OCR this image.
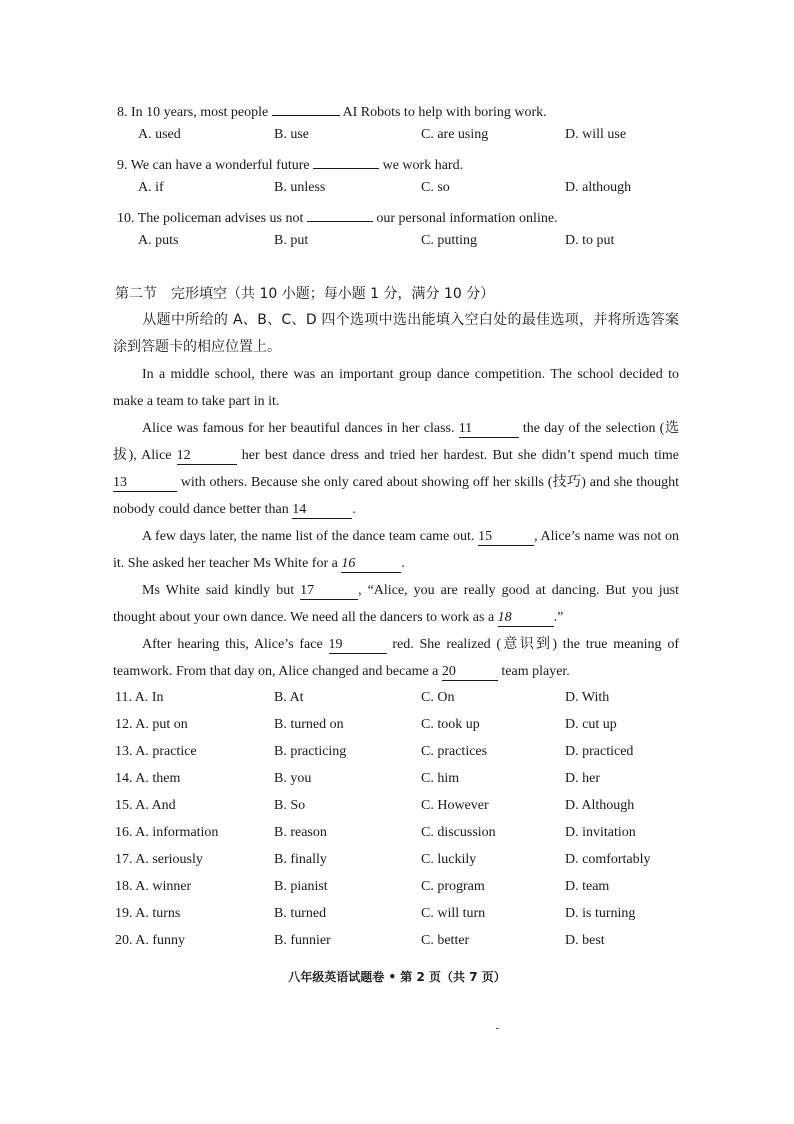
8. In 10 years, most people	AI Robots to help with boring work.
A. used	B. use	C. are using	D. will use
9. We can have a wonderful future	we work hard.
A. if	B. unless	C. so	D. although
10. The policeman advises us not	our personal information online.
A. puts	B. put	C. putting	D. to put
第二节　完形填空（共 10 小题；每小题 1 分，满分 10 分）
从题中所给的 A、B、C、D 四个选项中选出能填入空白处的最佳选项，并将所选答案涂到答题卡的相应位置上。
In a middle school, there was an important group dance competition. The school decided to make a team to take part in it.
Alice was famous for her beautiful dances in her class. 11	the day of the selection (选拔), Alice 12	her best dance dress and tried her hardest. But she didn’t spend much time 13	with others. Because she only cared about showing off her skills (技巧) and she thought nobody could dance better than 14	.
A few days later, the name list of the dance team came out. 15	, Alice’s name was not on it. She asked her teacher Ms White for a 16	.
Ms White said kindly but 17	, “Alice, you are really good at dancing. But you just thought about your own dance. We need all the dancers to work as a 18	.”
After hearing this, Alice’s face 19	red. She realized (意识到) the true meaning of teamwork. From that day on, Alice changed and became a 20	team player.
11. A. In	B. At	C. On	D. With
12. A. put on	B. turned on	C. took up	D. cut up
13. A. practice	B. practicing	C. practices	D. practiced
14. A. them	B. you	C. him	D. her
15. A. And	B. So	C. However	D. Although
16. A. information	B. reason	C. discussion	D. invitation
17. A. seriously	B. finally	C. luckily	D. comfortably
18. A. winner	B. pianist	C. program	D. team
19. A. turns	B. turned	C. will turn	D. is turning
20. A. funny	B. funnier	C. better	D. best
八年级英语试题卷 • 第 2 页（共 7 页）
